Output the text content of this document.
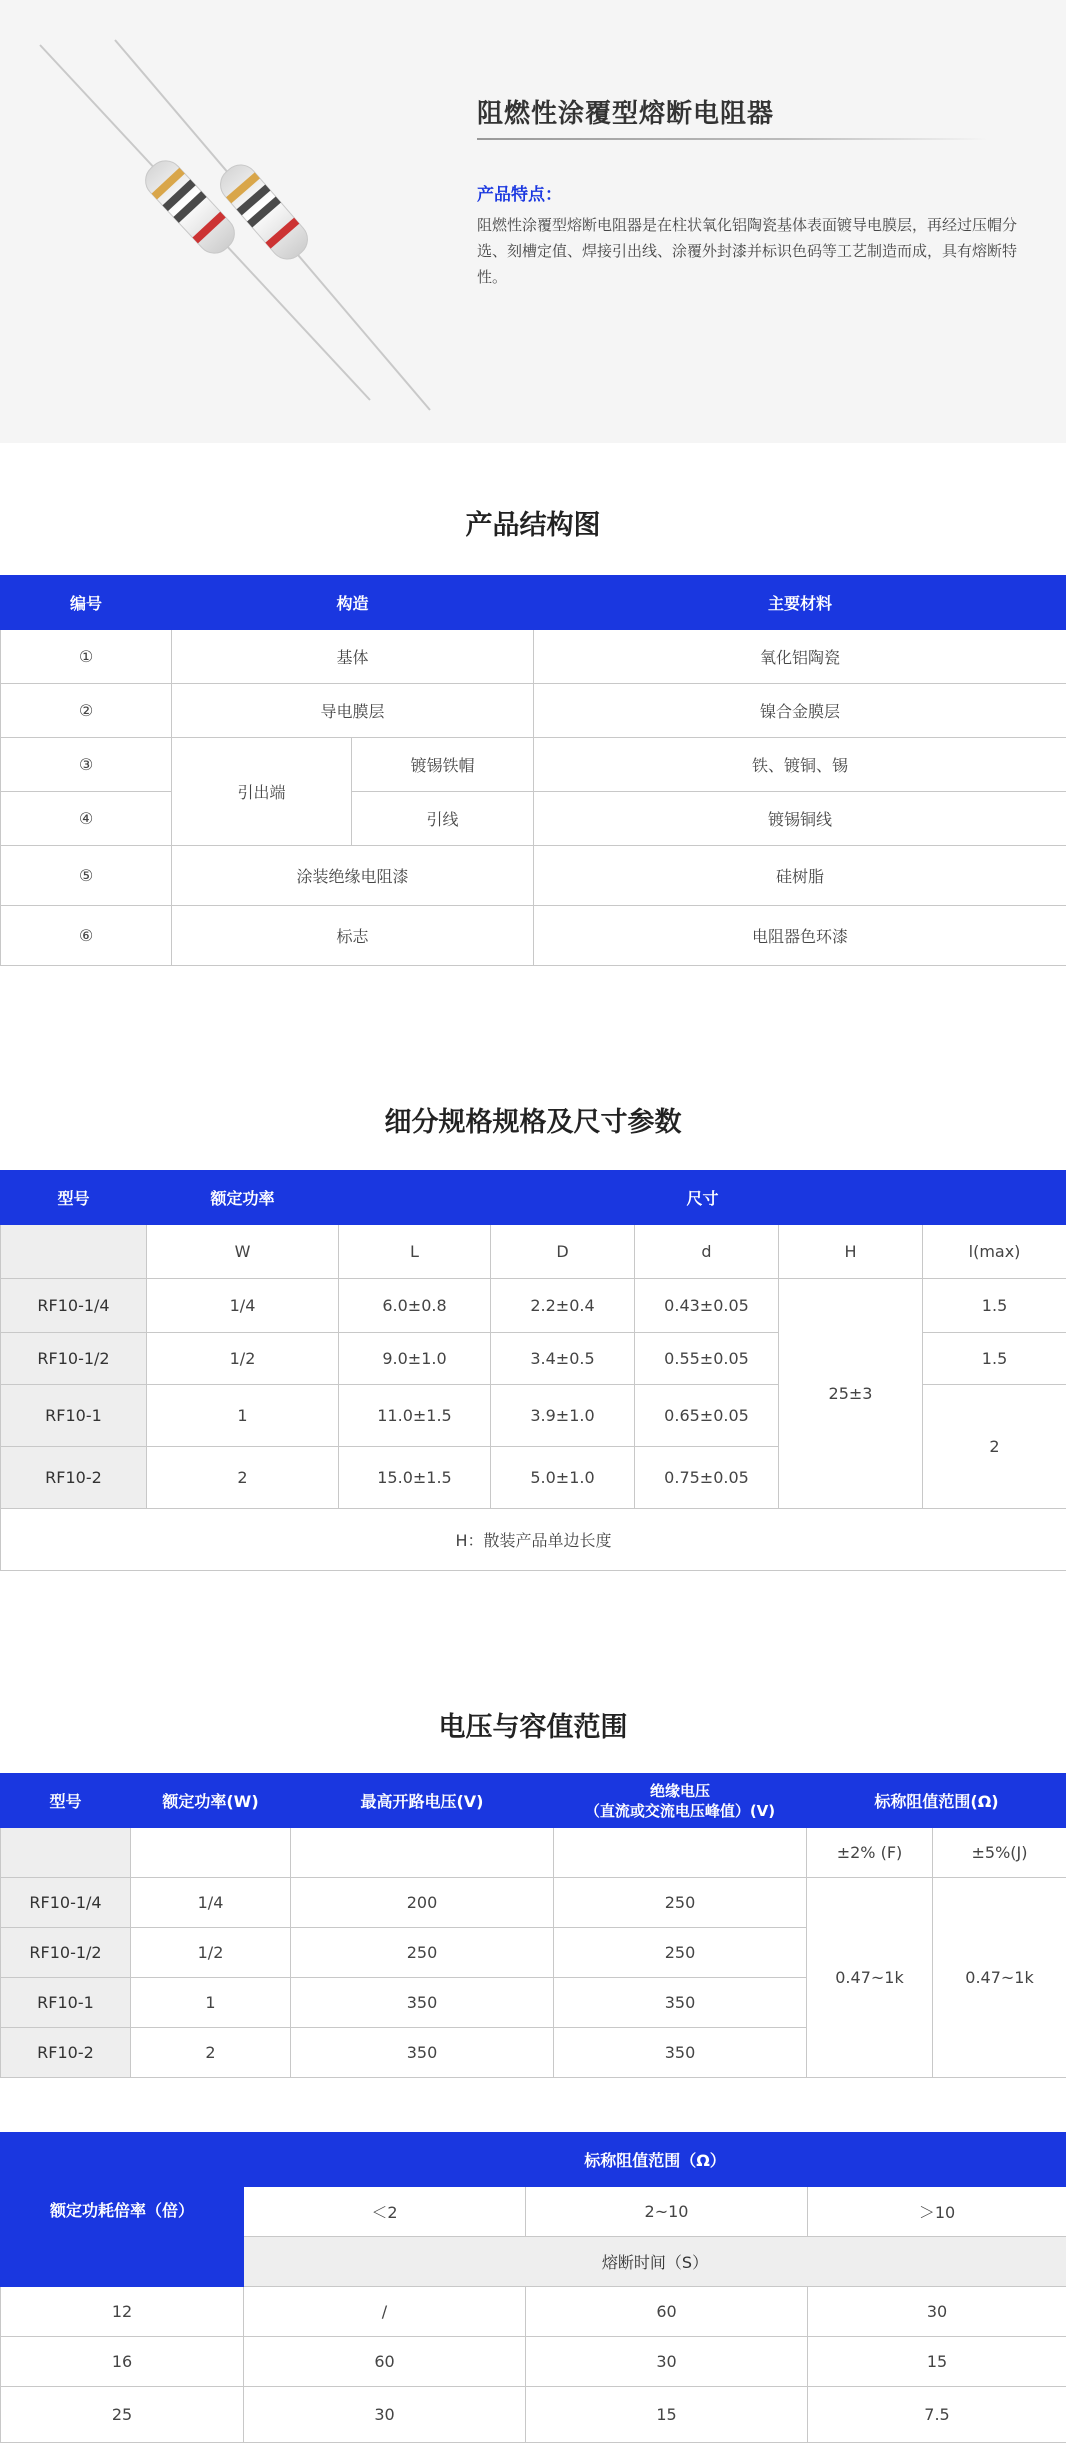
阻燃性涂覆型熔断电阻器
产品特点：
阻燃性涂覆型熔断电阻器是在柱状氧化铝陶瓷基体表面镀导电膜层，再经过压帽分选、刻槽定值、焊接引出线、涂覆外封漆并标识色码等工艺制造而成，具有熔断特性。
产品结构图
编号	构造		主要材料
①	基体		氧化铝陶瓷
②	导电膜层		镍合金膜层
③	引出端	镀锡铁帽	铁、镀铜、锡
④		引线	镀锡铜线
⑤	涂装绝缘电阻漆		硅树脂
⑥	标志		电阻器色环漆
细分规格规格及尺寸参数
型号	额定功率	尺寸				
	W	L	D	d	H	l(max)
RF10-1/4	1/4	6.0±0.8	2.2±0.4	0.43±0.05	25±3	1.5
RF10-1/2	1/2	9.0±1.0	3.4±0.5	0.55±0.05		1.5
RF10-1	1	11.0±1.5	3.9±1.0	0.65±0.05		2
RF10-2	2	15.0±1.5	5.0±1.0	0.75±0.05		
H：散装产品单边长度						
电压与容值范围
型号	额定功率(W)	最高开路电压(V)	绝缘电压
（直流或交流电压峰值）(V)	标称阻值范围(Ω)	
				±2% (F)	±5%(J)
RF10-1/4	1/4	200	250	0.47~1k	0.47~1k
RF10-1/2	1/2	250	250		
RF10-1	1	350	350		
RF10-2	2	350	350		
额定功耗倍率（倍）	标称阻值范围（Ω）		
	＜2	2~10	＞10
	熔断时间（S）		
12	/	60	30
16	60	30	15
25	30	15	7.5
